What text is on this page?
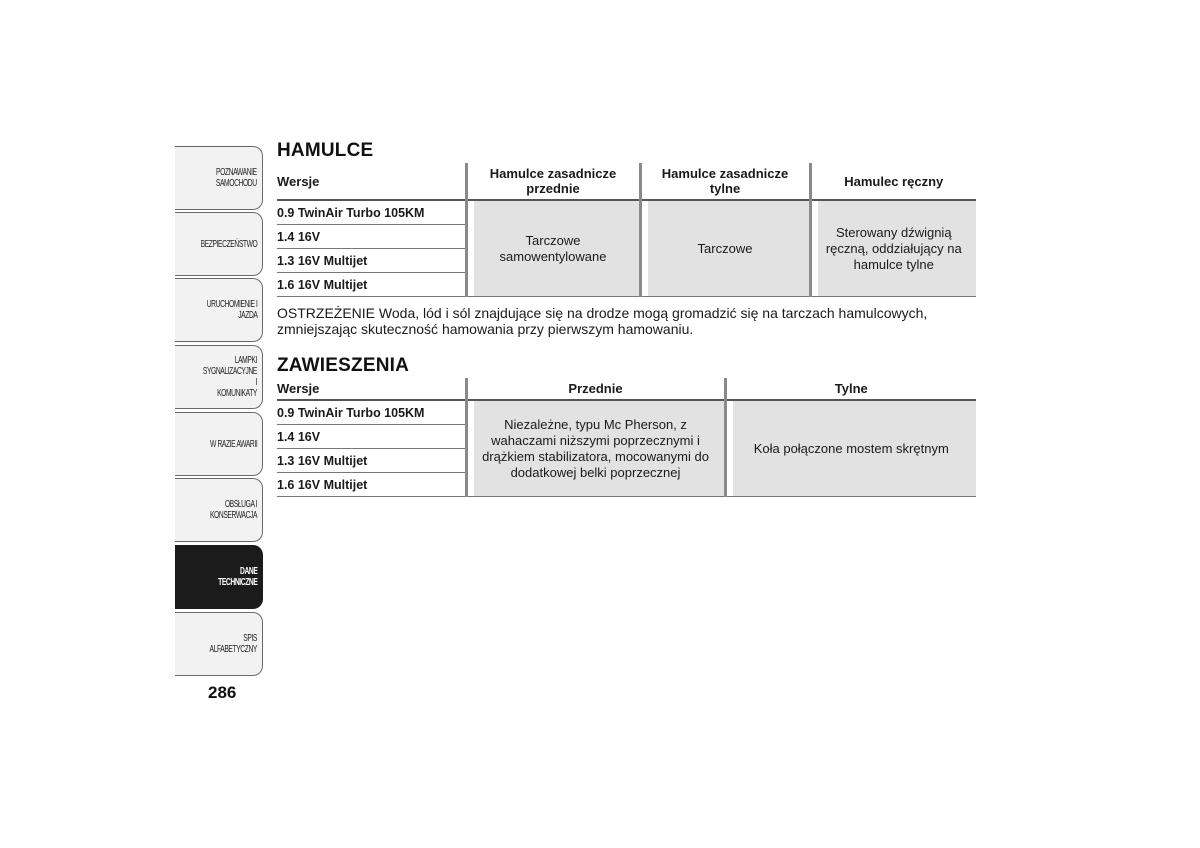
POZNAWANIE
SAMOCHODU
BEZPIECZEŃSTWO
URUCHOMIENIE I
JAZDA
LAMPKI
SYGNALIZACYJNE I
KOMUNIKATY
W RAZIE AWARII
OBSŁUGA I
KONSERWACJA
DANE
TECHNICZNE
SPIS ALFABETYCZNY
286
HAMULCE
Wersje	Hamulce zasadnicze przednie	Hamulce zasadnicze tylne	Hamulec ręczny
0.9 TwinAir Turbo 105KM	Tarczowe samowentylowane	Tarczowe	Sterowany dźwignią ręczną, oddziałujący na hamulce tylne
1.4 16V			
1.3 16V Multijet			
1.6 16V Multijet			
OSTRZEŻENIE Woda, lód i sól znajdujące się na drodze mogą gromadzić się na tarczach hamulcowych, zmniejszając skuteczność hamowania przy pierwszym hamowaniu.
ZAWIESZENIA
Wersje	Przednie	Tylne
0.9 TwinAir Turbo 105KM	Niezależne, typu Mc Pherson, z wahaczami niższymi poprzecznymi i drążkiem stabilizatora, mocowanymi do dodatkowej belki poprzecznej	Koła połączone mostem skrętnym
1.4 16V		
1.3 16V Multijet		
1.6 16V Multijet		
